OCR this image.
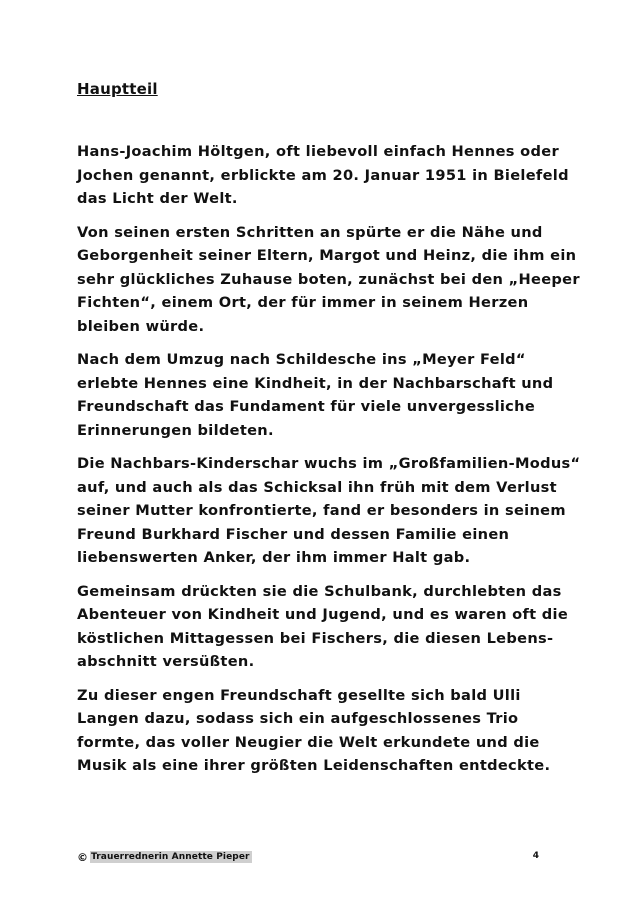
Hauptteil

Hans-Joachim Höltgen, oft liebevoll einfach Hennes oder
Jochen genannt, erblickte am 20. Januar 1951 in Bielefeld
das Licht der Welt.

Von seinen ersten Schritten an spürte er die Nähe und
Geborgenheit seiner Eltern, Margot und Heinz, die ihm ein
sehr glückliches Zuhause boten, zunächst bei den „Heeper
Fichten“, einem Ort, der für immer in seinem Herzen
bleiben würde.

Nach dem Umzug nach Schildesche ins „Meyer Feld“
erlebte Hennes eine Kindheit, in der Nachbarschaft und
Freundschaft das Fundament für viele unvergessliche
Erinnerungen bildeten.

Die Nachbars-Kinderschar wuchs im „Großfamilien-Modus“
auf, und auch als das Schicksal ihn früh mit dem Verlust
seiner Mutter konfrontierte, fand er besonders in seinem
Freund Burkhard Fischer und dessen Familie einen
liebenswerten Anker, der ihm immer Halt gab.

Gemeinsam drückten sie die Schulbank, durchlebten das
Abenteuer von Kindheit und Jugend, und es waren oft die
köstlichen Mittagessen bei Fischers, die diesen Lebens-
abschnitt versüßten.

Zu dieser engen Freundschaft gesellte sich bald Ulli
Langen dazu, sodass sich ein aufgeschlossenes Trio
formte, das voller Neugier die Welt erkundete und die
Musik als eine ihrer größten Leidenschaften entdeckte.

© Trauerrednerin Annette Pieper	4
